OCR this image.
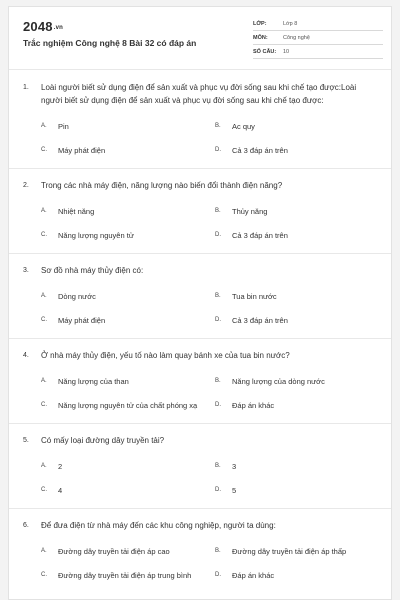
2048.vn
Trắc nghiệm Công nghệ 8 Bài 32 có đáp án
LỚP:	Lớp 8
MÔN:	Công nghệ
SỐ CÂU:	10
1.	Loài người biết sử dụng điện để sản xuất và phục vụ đời sống sau khi chế tạo được:Loài người biết sử dụng điện để sản xuất và phục vụ đời sống sau khi chế tạo được:
A.	Pin	B.	Ac quy
C.	Máy phát điện	D.	Cả 3 đáp án trên
2.	Trong các nhà máy điện, năng lượng nào biến đổi thành điện năng?
A.	Nhiệt năng	B.	Thủy năng
C.	Năng lượng nguyên tử	D.	Cả 3 đáp án trên
3.	Sơ đồ nhà máy thủy điện có:
A.	Dòng nước	B.	Tua bin nước
C.	Máy phát điện	D.	Cả 3 đáp án trên
4.	Ở nhà máy thủy điện, yếu tố nào làm quay bánh xe của tua bin nước?
A.	Năng lượng của than	B.	Năng lượng của dòng nước
C.	Năng lượng nguyên tử của chất phóng xạ	D.	Đáp án khác
5.	Có mấy loại đường dây truyền tải?
A.	2	B.	3
C.	4	D.	5
6.	Để đưa điện từ nhà máy đến các khu công nghiệp, người ta dùng:
A.	Đường dây truyền tải điện áp cao	B.	Đường dây truyền tải điện áp thấp
C.	Đường dây truyền tải điện áp trung bình	D.	Đáp án khác
